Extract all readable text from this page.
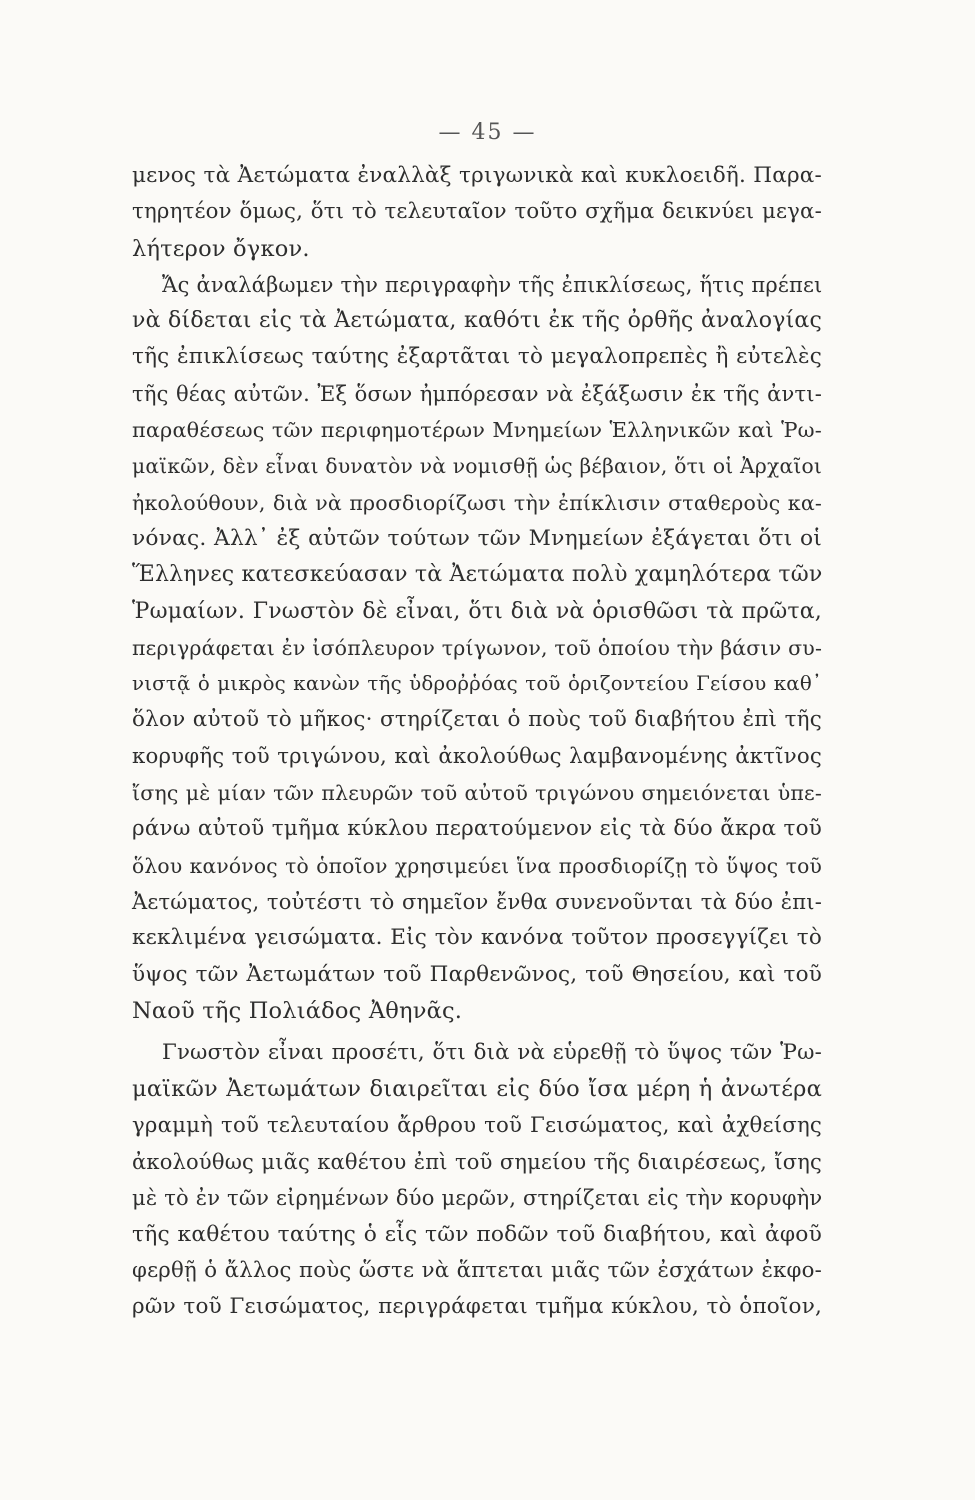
— 45 —
μενος τὰ Ἀετώματα ἐναλλὰξ τριγωνικὰ καὶ κυκλοειδῆ. Παρα-
τηρητέον ὅμως, ὅτι τὸ τελευταῖον τοῦτο σχῆμα δεικνύει μεγα-
λήτερον ὄγκον.
Ἄς ἀναλάβωμεν τὴν περιγραφὴν τῆς ἐπικλίσεως, ἥτις πρέπει
νὰ δίδεται εἰς τὰ Ἀετώματα, καθότι ἐκ τῆς ὀρθῆς ἀναλογίας
τῆς ἐπικλίσεως ταύτης ἐξαρτᾶται τὸ μεγαλοπρεπὲς ἢ εὐτελὲς
τῆς θέας αὐτῶν. Ἐξ ὅσων ἠμπόρεσαν νὰ ἐξάξωσιν ἐκ τῆς ἀντι-
παραθέσεως τῶν περιφημοτέρων Μνημείων Ἑλληνικῶν καὶ Ῥω-
μαϊκῶν, δὲν εἶναι δυνατὸν νὰ νομισθῇ ὡς βέβαιον, ὅτι οἱ Ἀρχαῖοι
ἠκολούθουν, διὰ νὰ προσδιορίζωσι τὴν ἐπίκλισιν σταθεροὺς κα-
νόνας. Ἀλλ᾽ ἐξ αὐτῶν τούτων τῶν Μνημείων ἐξάγεται ὅτι οἱ
Ἕλληνες κατεσκεύασαν τὰ Ἀετώματα πολὺ χαμηλότερα τῶν
Ῥωμαίων. Γνωστὸν δὲ εἶναι, ὅτι διὰ νὰ ὁρισθῶσι τὰ πρῶτα,
περιγράφεται ἐν ἰσόπλευρον τρίγωνον, τοῦ ὁποίου τὴν βάσιν συ-
νιστᾷ ὁ μικρὸς κανὼν τῆς ὑδροῤῥόας τοῦ ὁριζοντείου Γείσου καθ᾽
ὅλον αὐτοῦ τὸ μῆκος· στηρίζεται ὁ ποὺς τοῦ διαβήτου ἐπὶ τῆς
κορυφῆς τοῦ τριγώνου, καὶ ἀκολούθως λαμβανομένης ἀκτῖνος
ἴσης μὲ μίαν τῶν πλευρῶν τοῦ αὐτοῦ τριγώνου σημειόνεται ὑπε-
ράνω αὐτοῦ τμῆμα κύκλου περατούμενον εἰς τὰ δύο ἄκρα τοῦ
ὅλου κανόνος τὸ ὁποῖον χρησιμεύει ἵνα προσδιορίζῃ τὸ ὕψος τοῦ
Ἀετώματος, τοὐτέστι τὸ σημεῖον ἔνθα συνενοῦνται τὰ δύο ἐπι-
κεκλιμένα γεισώματα. Εἰς τὸν κανόνα τοῦτον προσεγγίζει τὸ
ὕψος τῶν Ἀετωμάτων τοῦ Παρθενῶνος, τοῦ Θησείου, καὶ τοῦ
Ναοῦ τῆς Πολιάδος Ἀθηνᾶς.
Γνωστὸν εἶναι προσέτι, ὅτι διὰ νὰ εὑρεθῇ τὸ ὕψος τῶν Ῥω-
μαϊκῶν Ἀετωμάτων διαιρεῖται εἰς δύο ἴσα μέρη ἡ ἀνωτέρα
γραμμὴ τοῦ τελευταίου ἄρθρου τοῦ Γεισώματος, καὶ ἀχθείσης
ἀκολούθως μιᾶς καθέτου ἐπὶ τοῦ σημείου τῆς διαιρέσεως, ἴσης
μὲ τὸ ἐν τῶν εἰρημένων δύο μερῶν, στηρίζεται εἰς τὴν κορυφὴν
τῆς καθέτου ταύτης ὁ εἷς τῶν ποδῶν τοῦ διαβήτου, καὶ ἀφοῦ
φερθῇ ὁ ἄλλος ποὺς ὥστε νὰ ἅπτεται μιᾶς τῶν ἐσχάτων ἐκφο-
ρῶν τοῦ Γεισώματος, περιγράφεται τμῆμα κύκλου, τὸ ὁποῖον,
